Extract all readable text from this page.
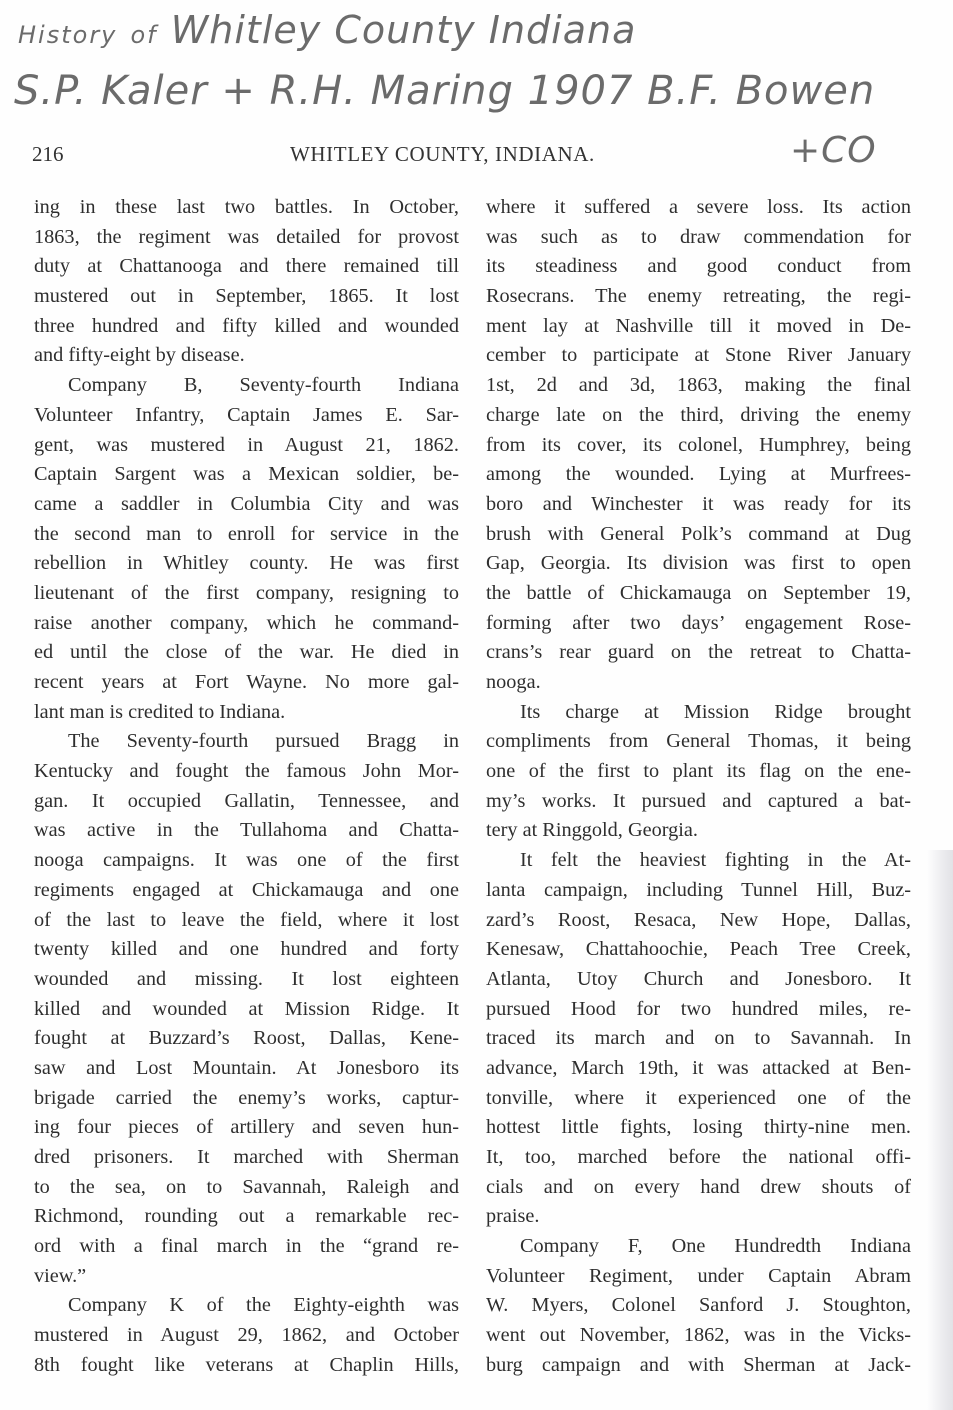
History of Whitley County Indiana
S.P. Kaler + R.H. Maring 1907 B.F. Bowen
+CO
216	WHITLEY COUNTY, INDIANA.
ing in these last two battles. In October,
1863, the regiment was detailed for provost
duty at Chattanooga and there remained till
mustered out in September, 1865. It lost
three hundred and fifty killed and wounded
and fifty-eight by disease.
Company B, Seventy-fourth Indiana
Volunteer Infantry, Captain James E. Sar-
gent, was mustered in August 21, 1862.
Captain Sargent was a Mexican soldier, be-
came a saddler in Columbia City and was
the second man to enroll for service in the
rebellion in Whitley county. He was first
lieutenant of the first company, resigning to
raise another company, which he command-
ed until the close of the war. He died in
recent years at Fort Wayne. No more gal-
lant man is credited to Indiana.
The Seventy-fourth pursued Bragg in
Kentucky and fought the famous John Mor-
gan. It occupied Gallatin, Tennessee, and
was active in the Tullahoma and Chatta-
nooga campaigns. It was one of the first
regiments engaged at Chickamauga and one
of the last to leave the field, where it lost
twenty killed and one hundred and forty
wounded and missing. It lost eighteen
killed and wounded at Mission Ridge. It
fought at Buzzard’s Roost, Dallas, Kene-
saw and Lost Mountain. At Jonesboro its
brigade carried the enemy’s works, captur-
ing four pieces of artillery and seven hun-
dred prisoners. It marched with Sherman
to the sea, on to Savannah, Raleigh and
Richmond, rounding out a remarkable rec-
ord with a final march in the “grand re-
view.”
Company K of the Eighty-eighth was
mustered in August 29, 1862, and October
8th fought like veterans at Chaplin Hills,
where it suffered a severe loss. Its action
was such as to draw commendation for
its steadiness and good conduct from
Rosecrans. The enemy retreating, the regi-
ment lay at Nashville till it moved in De-
cember to participate at Stone River January
1st, 2d and 3d, 1863, making the final
charge late on the third, driving the enemy
from its cover, its colonel, Humphrey, being
among the wounded. Lying at Murfrees-
boro and Winchester it was ready for its
brush with General Polk’s command at Dug
Gap, Georgia. Its division was first to open
the battle of Chickamauga on September 19,
forming after two days’ engagement Rose-
crans’s rear guard on the retreat to Chatta-
nooga.
Its charge at Mission Ridge brought
compliments from General Thomas, it being
one of the first to plant its flag on the ene-
my’s works. It pursued and captured a bat-
tery at Ringgold, Georgia.
It felt the heaviest fighting in the At-
lanta campaign, including Tunnel Hill, Buz-
zard’s Roost, Resaca, New Hope, Dallas,
Kenesaw, Chattahoochie, Peach Tree Creek,
Atlanta, Utoy Church and Jonesboro. It
pursued Hood for two hundred miles, re-
traced its march and on to Savannah. In
advance, March 19th, it was attacked at Ben-
tonville, where it experienced one of the
hottest little fights, losing thirty-nine men.
It, too, marched before the national offi-
cials and on every hand drew shouts of
praise.
Company F, One Hundredth Indiana
Volunteer Regiment, under Captain Abram
W. Myers, Colonel Sanford J. Stoughton,
went out November, 1862, was in the Vicks-
burg campaign and with Sherman at Jack-
